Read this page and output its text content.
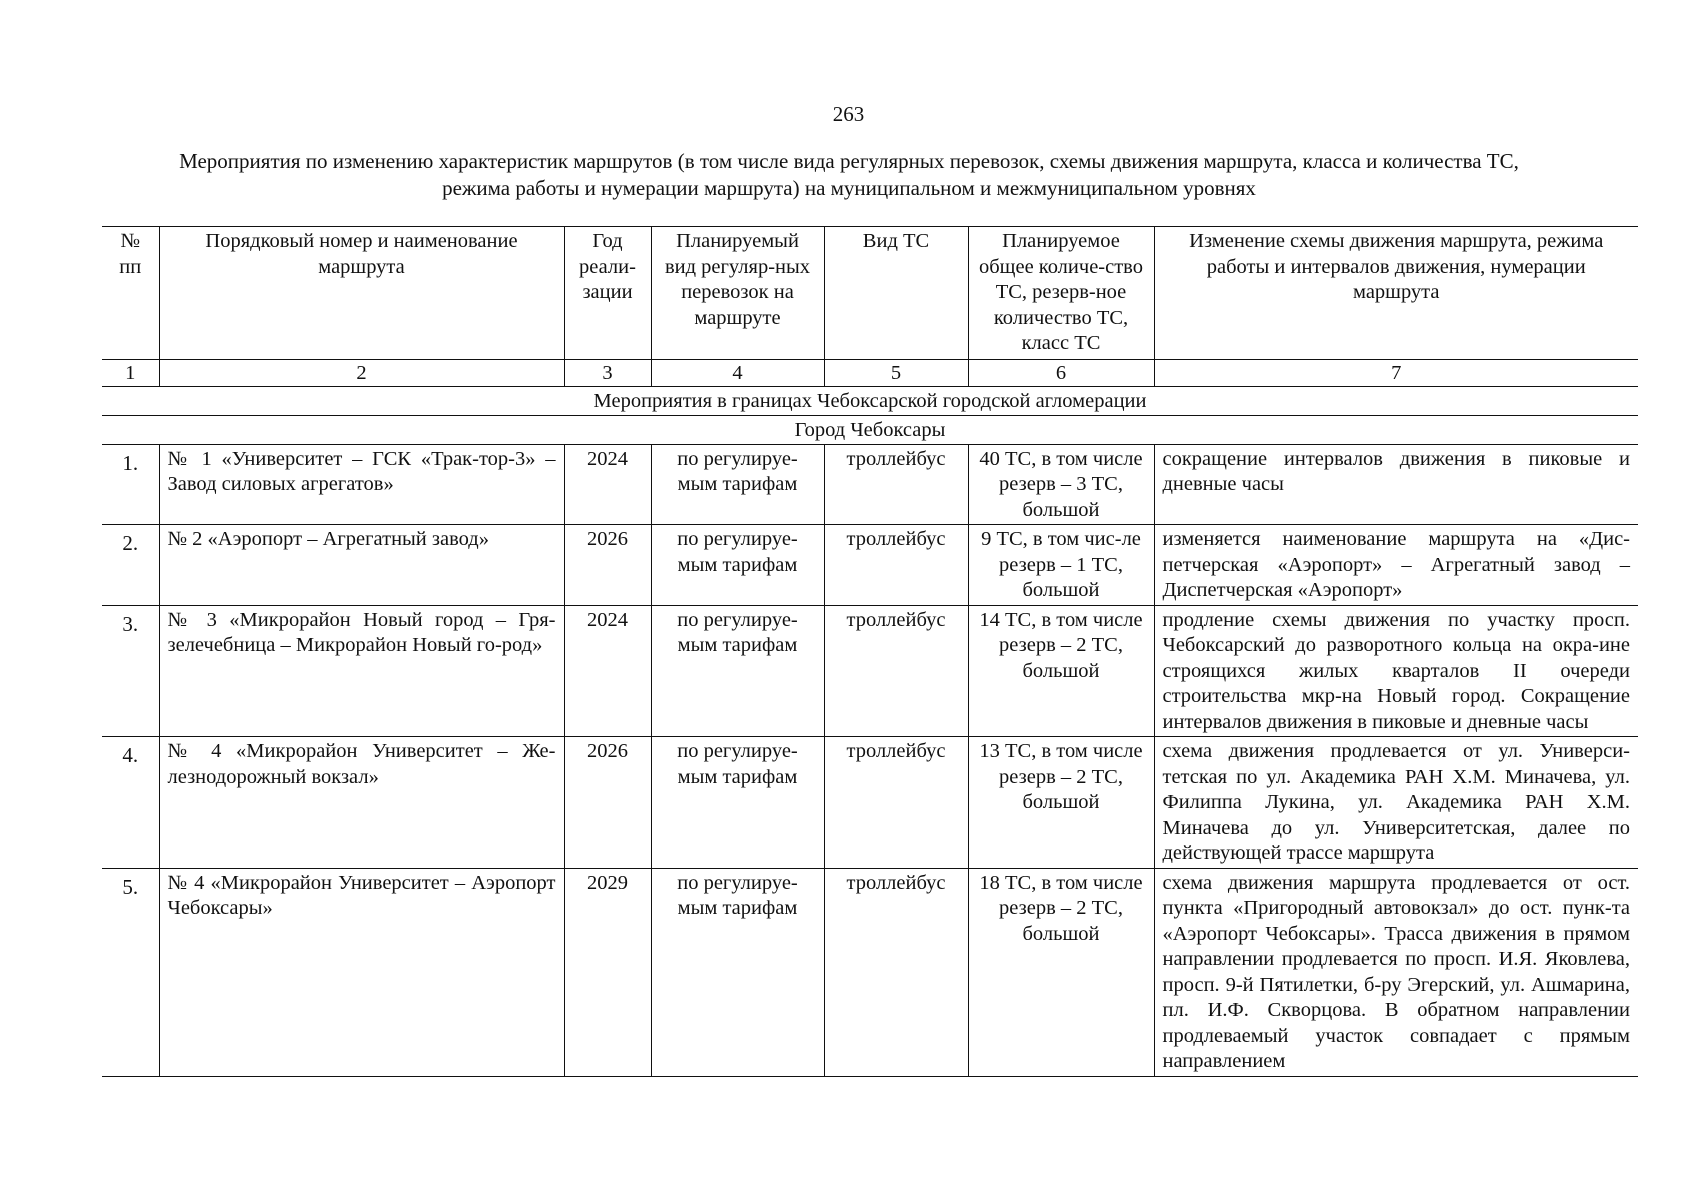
263
Мероприятия по изменению характеристик маршрутов (в том числе вида регулярных перевозок, схемы движения маршрута, класса и количества ТС,
режима работы и нумерации маршрута) на муниципальном и межмуниципальном уровнях
№ пп	Порядковый номер и наименование маршрута	Год реали-зации	Планируемый вид регуляр-ных перевозок на маршруте	Вид ТС	Планируемое общее количе-ство ТС, резерв-ное количество ТС, класс ТС	Изменение схемы движения маршрута, режима работы и интервалов движения, нумерации маршрута
1	2	3	4	5	6	7
Мероприятия в границах Чебоксарской городской агломерации						
Город Чебоксары						
1.	№ 1 «Университет – ГСК «Трак-тор-3» – Завод силовых агрегатов»	2024	по регулируе-мым тарифам	троллейбус	40 ТС, в том числе резерв – 3 ТС, большой	сокращение интервалов движения в пиковые и дневные часы
2.	№ 2 «Аэропорт – Агрегатный завод»	2026	по регулируе-мым тарифам	троллейбус	9 ТС, в том чис-ле резерв – 1 ТС, большой	изменяется наименование маршрута на «Дис-петчерская «Аэропорт» – Агрегатный завод – Диспетчерская «Аэропорт»
3.	№ 3 «Микрорайон Новый город – Гря-зелечебница – Микрорайон Новый го-род»	2024	по регулируе-мым тарифам	троллейбус	14 ТС, в том числе резерв – 2 ТС, большой	продление схемы движения по участку просп. Чебоксарский до разворотного кольца на окра-ине строящихся жилых кварталов II очереди строительства мкр-на Новый город. Сокращение интервалов движения в пиковые и дневные часы
4.	№ 4 «Микрорайон Университет – Же-лезнодорожный вокзал»	2026	по регулируе-мым тарифам	троллейбус	13 ТС, в том числе резерв – 2 ТС, большой	схема движения продлевается от ул. Универси-тетская по ул. Академика РАН Х.М. Миначева, ул. Филиппа Лукина, ул. Академика РАН Х.М. Миначева до ул. Университетская, далее по действующей трассе маршрута
5.	№ 4 «Микрорайон Университет – Аэропорт Чебоксары»	2029	по регулируе-мым тарифам	троллейбус	18 ТС, в том числе резерв – 2 ТС, большой	схема движения маршрута продлевается от ост. пункта «Пригородный автовокзал» до ост. пунк-та «Аэропорт Чебоксары». Трасса движения в прямом направлении продлевается по просп. И.Я. Яковлева, просп. 9-й Пятилетки, б-ру Эгерский, ул. Ашмарина, пл. И.Ф. Скворцова. В обратном направлении продлеваемый участок совпадает с прямым направлением
